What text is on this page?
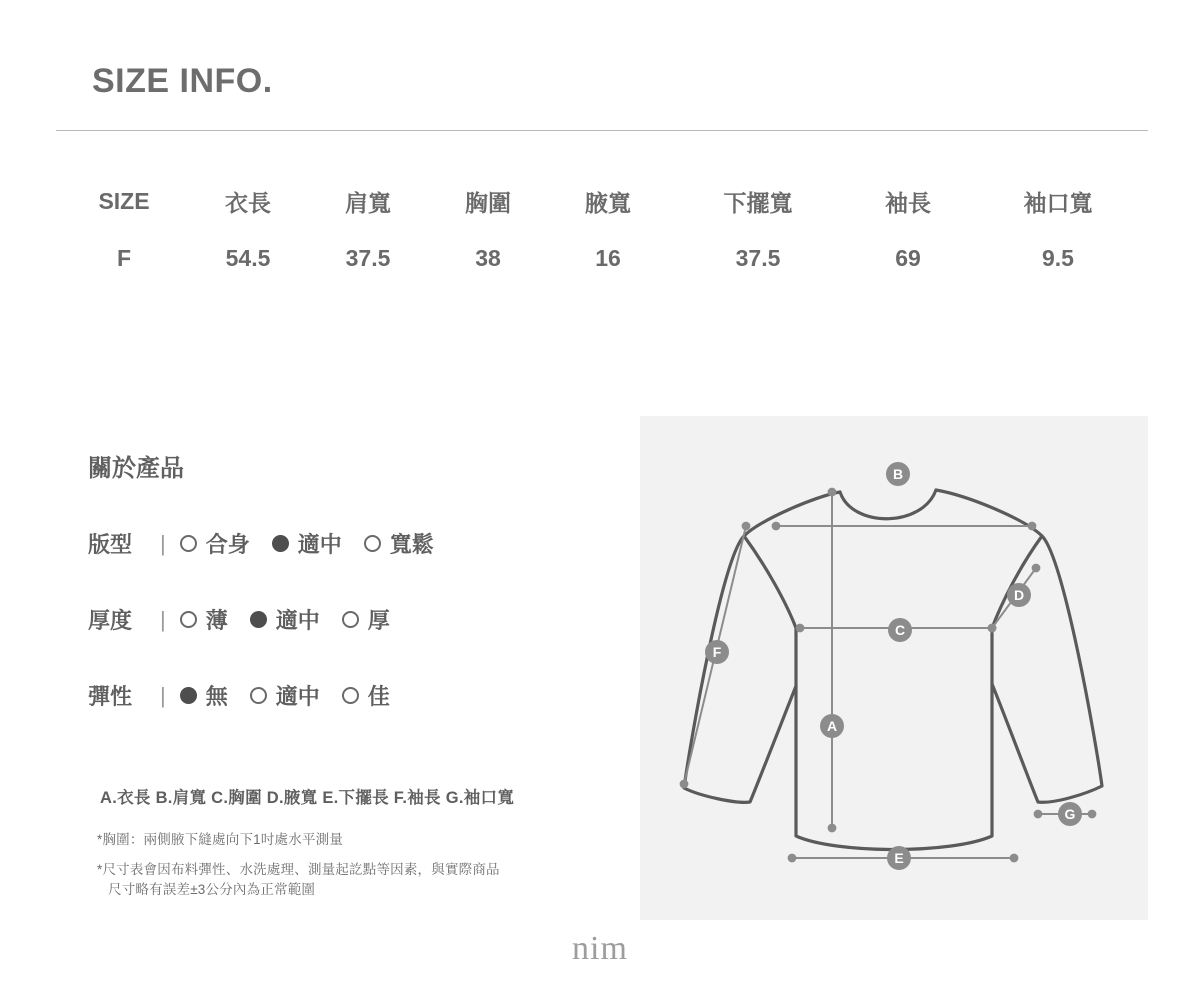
SIZE INFO.
SIZE	衣長	肩寬	胸圍	腋寬	下擺寬	袖長	袖口寬
F	54.5	37.5	38	16	37.5	69	9.5
關於產品
版型	| 合身 適中 寬鬆
厚度	| 薄 適中 厚
彈性	| 無 適中 佳
A.衣長 B.肩寬 C.胸圍 D.腋寬 E.下擺長 F.袖長 G.袖口寬
*胸圍：兩側腋下縫處向下1吋處水平測量
*尺寸表會因布料彈性、水洗處理、測量起訖點等因素，與實際商品
尺寸略有誤差±3公分內為正常範圍
A
B
C
D
E
F
G
nim
